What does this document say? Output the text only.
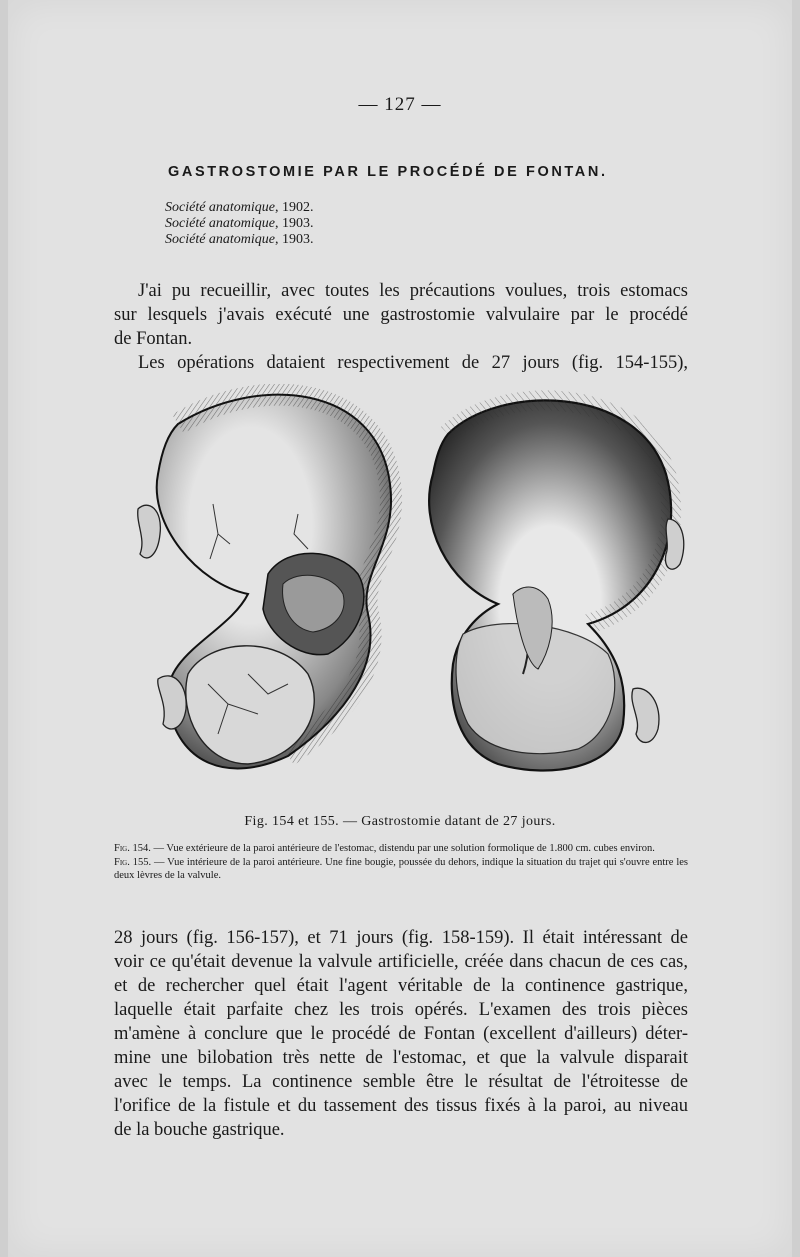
— 127 —
GASTROSTOMIE PAR LE PROCÉDÉ DE FONTAN.
Société anatomique, 1902.
Société anatomique, 1903.
Société anatomique, 1903.
J'ai pu recueillir, avec toutes les précautions voulues, trois estomacs
sur lesquels j'avais exécuté une gastrostomie valvulaire par le procédé
de Fontan.
Les opérations dataient respectivement de 27 jours (fig. 154-155),
Fig. 154 et 155. — Gastrostomie datant de 27 jours.
Fig. 154. — Vue extérieure de la paroi antérieure de l'estomac, distendu par une solution formolique de 1.800 cm. cubes environ.
Fig. 155. — Vue intérieure de la paroi antérieure. Une fine bougie, poussée du dehors, indique la situation du trajet qui s'ouvre entre les deux lèvres de la valvule.
28 jours (fig. 156-157), et 71 jours (fig. 158-159). Il était intéressant de
voir ce qu'était devenue la valvule artificielle, créée dans chacun de ces cas,
et de rechercher quel était l'agent véritable de la continence gastrique,
laquelle était parfaite chez les trois opérés. L'examen des trois pièces
m'amène à conclure que le procédé de Fontan (excellent d'ailleurs) déter-
mine une bilobation très nette de l'estomac, et que la valvule disparait
avec le temps. La continence semble être le résultat de l'étroitesse de
l'orifice de la fistule et du tassement des tissus fixés à la paroi, au niveau
de la bouche gastrique.
